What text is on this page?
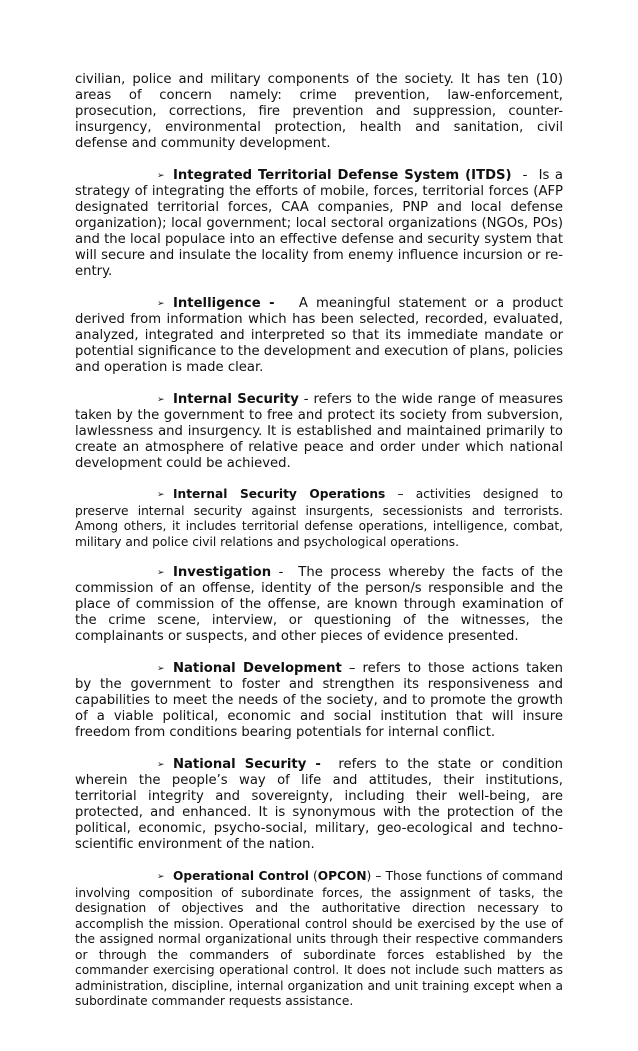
civilian, police and military components of the society. It has ten (10) areas of concern namely: crime prevention, law-enforcement, prosecution, corrections, fire prevention and suppression, counter-insurgency, environmental protection, health and sanitation, civil defense and community development.

➢ Integrated Territorial Defense System (ITDS)  -  Is a strategy of integrating the efforts of mobile, forces, territorial forces (AFP designated territorial forces, CAA companies, PNP and local defense organization); local government; local sectoral organizations (NGOs, POs) and the local populace into an effective defense and security system that will secure and insulate the locality from enemy influence incursion or re-entry.

➢ Intelligence - A meaningful statement or a product derived from information which has been selected, recorded, evaluated, analyzed, integrated and interpreted so that its immediate mandate or potential significance to the development and execution of plans, policies and operation is made clear.

➢ Internal Security - refers to the wide range of measures taken by the government to free and protect its society from subversion, lawlessness and insurgency. It is established and maintained primarily to create an atmosphere of relative peace and order under which national development could be achieved.

➢ Internal Security Operations – activities designed to preserve internal security against insurgents, secessionists and terrorists. Among others, it includes territorial defense operations, intelligence, combat, military and police civil relations and psychological operations.

➢ Investigation -  The process whereby the facts of the commission of an offense, identity of the person/s responsible and the place of commission of the offense, are known through examination of the crime scene, interview, or questioning of the witnesses, the complainants or suspects, and other pieces of evidence presented.

➢ National Development – refers to those actions taken by the government to foster and strengthen its responsiveness and capabilities to meet the needs of the society, and to promote the growth of a viable political, economic and social institution that will insure freedom from conditions bearing potentials for internal conflict.

➢ National Security - refers to the state or condition wherein the people’s way of life and attitudes, their institutions, territorial integrity and sovereignty, including their well-being, are protected, and enhanced. It is synonymous with the protection of the political, economic, psycho-social, military, geo-ecological and techno-scientific environment of the nation.

➢ Operational Control (OPCON) – Those functions of command involving composition of subordinate forces, the assignment of tasks, the designation of objectives and the authoritative direction necessary to accomplish the mission. Operational control should be exercised by the use of the assigned normal organizational units through their respective commanders or through the commanders of subordinate forces established by the commander exercising operational control. It does not include such matters as administration, discipline, internal organization and unit training except when a subordinate commander requests assistance.
